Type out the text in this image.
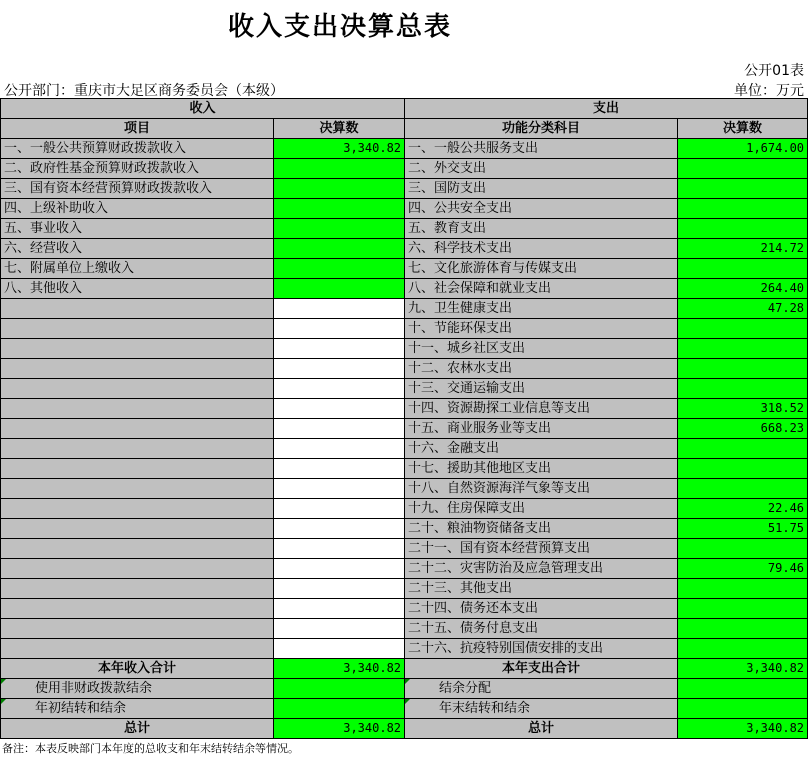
收入支出决算总表
公开01表
公开部门：重庆市大足区商务委员会（本级）	单位：万元
收入		支出	
项目	决算数	功能分类科目	决算数
一、一般公共预算财政拨款收入	3,340.82	一、一般公共服务支出	1,674.00
二、政府性基金预算财政拨款收入		二、外交支出	
三、国有资本经营预算财政拨款收入		三、国防支出	
四、上级补助收入		四、公共安全支出	
五、事业收入		五、教育支出	
六、经营收入		六、科学技术支出	214.72
七、附属单位上缴收入		七、文化旅游体育与传媒支出	
八、其他收入		八、社会保障和就业支出	264.40
		九、卫生健康支出	47.28
		十、节能环保支出	
		十一、城乡社区支出	
		十二、农林水支出	
		十三、交通运输支出	
		十四、资源勘探工业信息等支出	318.52
		十五、商业服务业等支出	668.23
		十六、金融支出	
		十七、援助其他地区支出	
		十八、自然资源海洋气象等支出	
		十九、住房保障支出	22.46
		二十、粮油物资储备支出	51.75
		二十一、国有资本经营预算支出	
		二十二、灾害防治及应急管理支出	79.46
		二十三、其他支出	
		二十四、债务还本支出	
		二十五、债务付息支出	
		二十六、抗疫特别国债安排的支出	
本年收入合计	3,340.82	本年支出合计	3,340.82
使用非财政拨款结余		结余分配	
年初结转和结余		年末结转和结余	
总计	3,340.82	总计	3,340.82
备注：本表反映部门本年度的总收支和年末结转结余等情况。
